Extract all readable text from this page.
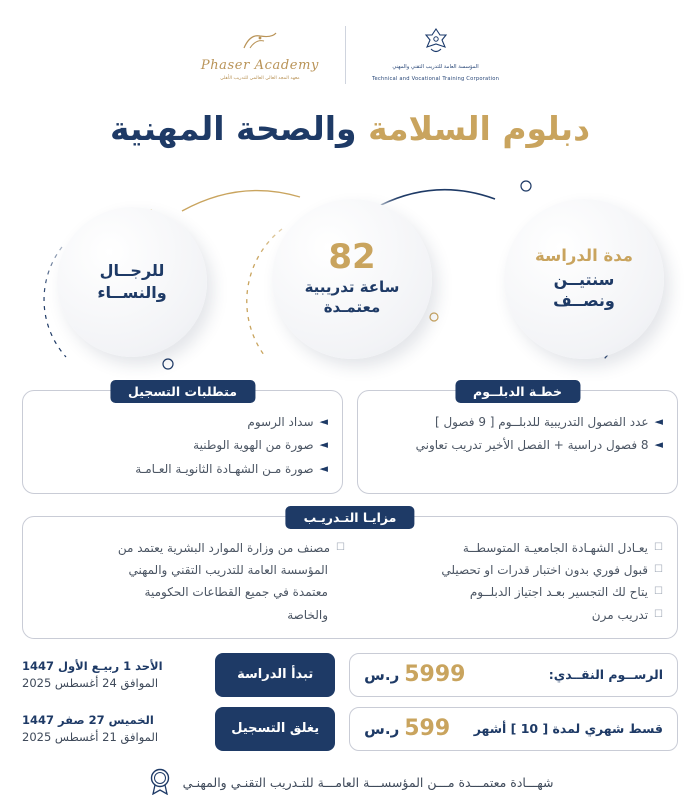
المؤسسة العامة للتدريب التقني والمهني
Technical and Vocational Training Corporation
Phaser Academy
معهد المجد العالي العالمي للتدريب الأهلي
دبلوم السلامة والصحة المهنية
مدة الدراسة
سنتيــن
ونصــف
82
ساعة تدريبية
معتمـدة
للرجــال
والنســاء
خطـة الدبلــوم
◄
عدد الفصول التدريبية للدبلــوم [ 9 فصول ]
◄
8 فصول دراسية + الفصل الأخير تدريب تعاوني
متطلبات التسجيل
◄
سداد الرسوم
◄
صورة من الهوية الوطنية
◄
صورة مـن الشهـادة الثانويـة العـامـة
مزايـا التـدريـب
☐
يعـادل الشهـادة الجامعيـة المتوسطــة
☐
قبول فوري بدون اختبار قدرات او تحصيلي
☐
يتاح لك التجسير بعـد اجتياز الدبلــوم
☐
تدريب مرن
☐
مصنف من وزارة الموارد البشرية يعتمد من
المؤسسة العامة للتدريب التقني والمهني
معتمدة في جميع القطاعات الحكومية
والخاصة
الرســوم النقــدي:
5999
ر.س
قسط شهري لمدة [ 10 ] أشهر
599
ر.س
تبدأ الدراسة
الأحد 1 ربيـع الأول 1447
الموافق 24 أغسطس 2025
يغلق التسجيل
الخميس 27 صفر 1447
الموافق 21 أغسطس 2025
شهـــادة معتمـــدة مـــن المؤسســـة العامـــة للتـدريب التقنـي والمهنـي
